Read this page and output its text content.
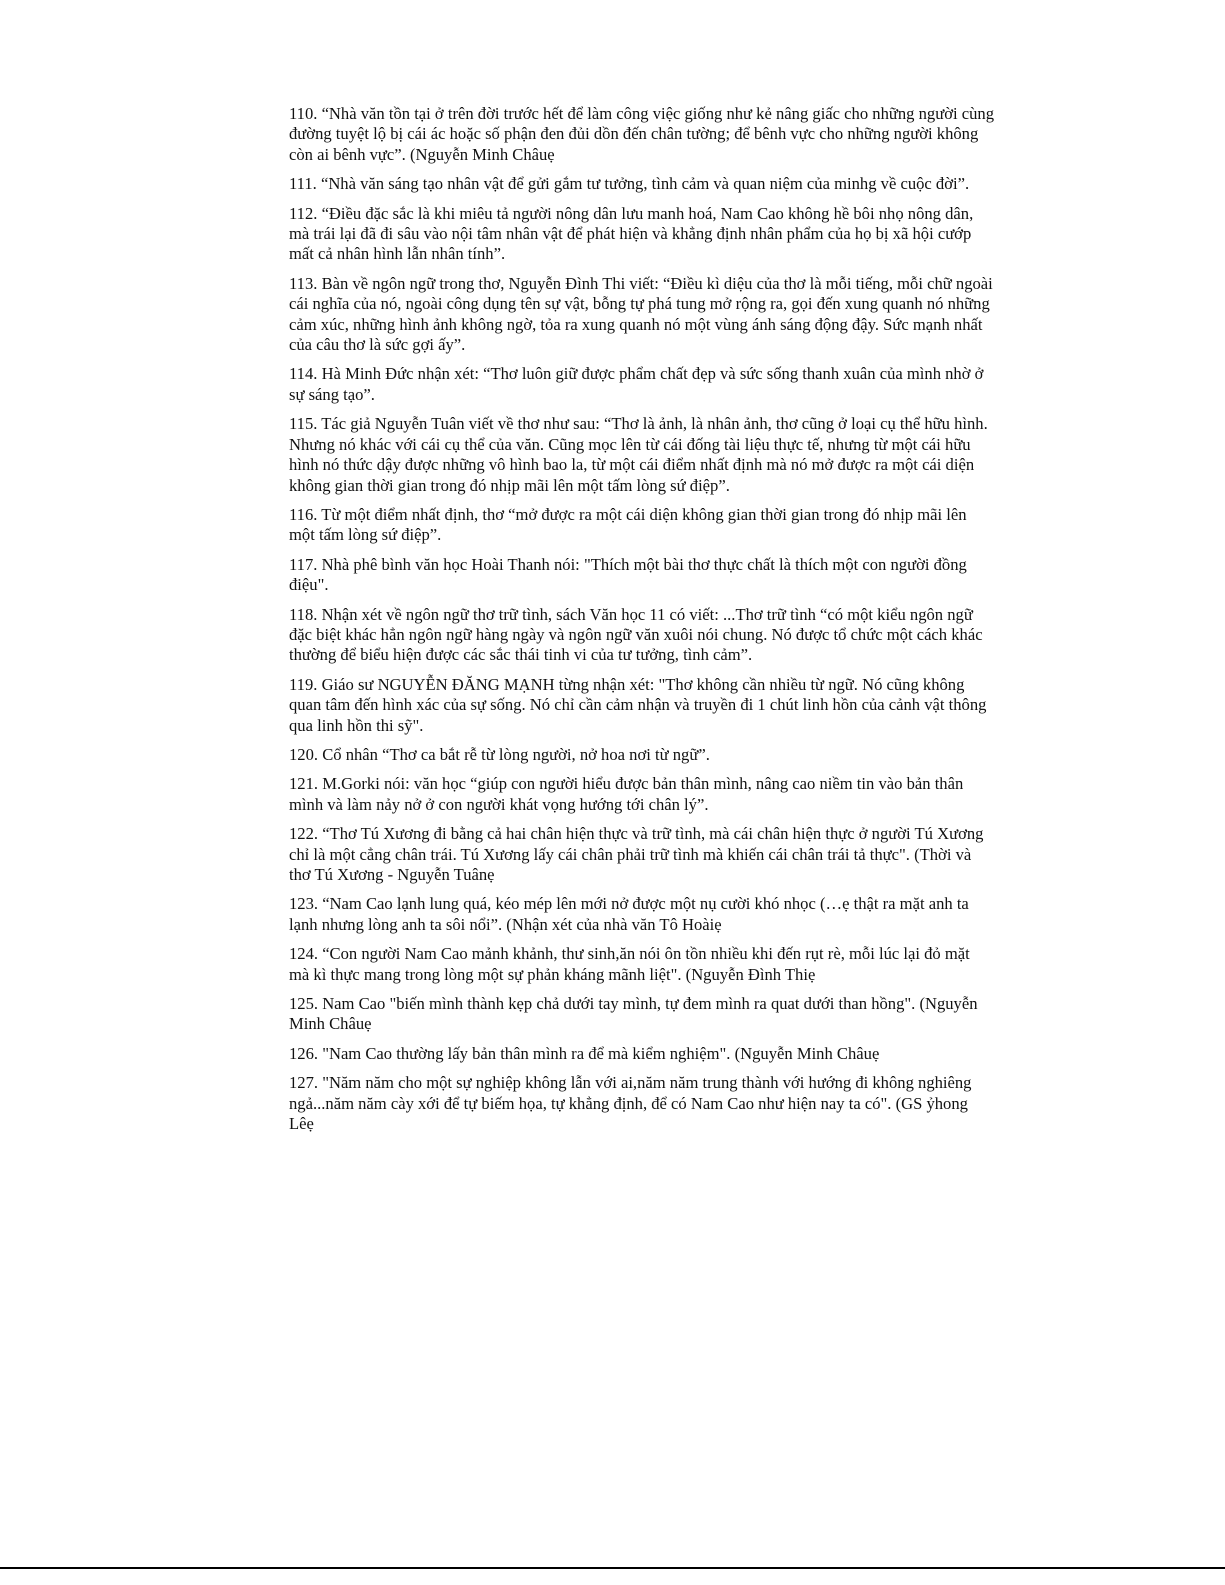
110. “Nhà văn tồn tại ở trên đời trước hết để làm công việc giống như kẻ nâng giấc cho những người cùng đường tuyệt lộ bị cái ác hoặc số phận đen đủi dồn đến chân tường; để bênh vực cho những người không còn ai bênh vực”. (Nguyễn Minh Châuẹ

111. “Nhà văn sáng tạo nhân vật để gửi gắm tư tưởng, tình cảm và quan niệm của minhg về cuộc đời”.

112. “Điều đặc sắc là khi miêu tả người nông dân lưu manh hoá, Nam Cao không hề bôi nhọ nông dân, mà trái lại đã đi sâu vào nội tâm nhân vật để phát hiện và khẳng định nhân phẩm của họ bị xã hội cướp mất cả nhân hình lẫn nhân tính”.

113. Bàn về ngôn ngữ trong thơ, Nguyễn Đình Thi viết: “Điều kì diệu của thơ là mỗi tiếng, mỗi chữ ngoài cái nghĩa của nó, ngoài công dụng tên sự vật, bỗng tự phá tung mở rộng ra, gọi đến xung quanh nó những cảm xúc, những hình ảnh không ngờ, tỏa ra xung quanh nó một vùng ánh sáng động đậy. Sức mạnh nhất của câu thơ là sức gợi ấy”.

114. Hà Minh Đức nhận xét: “Thơ luôn giữ được phẩm chất đẹp và sức sống thanh xuân của mình nhờ ở sự sáng tạo”.

115. Tác giả Nguyễn Tuân viết về thơ như sau: “Thơ là ảnh, là nhân ảnh, thơ cũng ở loại cụ thể hữu hình. Nhưng nó khác với cái cụ thể của văn. Cũng mọc lên từ cái đống tài liệu thực tế, nhưng từ một cái hữu hình nó thức dậy được những vô hình bao la, từ một cái điểm nhất định mà nó mở được ra một cái diện không gian thời gian trong đó nhịp mãi lên một tấm lòng sứ điệp”.

116. Từ một điểm nhất định, thơ “mở được ra một cái diện không gian thời gian trong đó nhịp mãi lên một tấm lòng sứ điệp”.

117. Nhà phê bình văn học Hoài Thanh nói: "Thích một bài thơ thực chất là thích một con người đồng điệu".

118. Nhận xét về ngôn ngữ thơ trữ tình, sách Văn học 11 có viết: ...Thơ trữ tình “có một kiểu ngôn ngữ đặc biệt khác hẳn ngôn ngữ hàng ngày và ngôn ngữ văn xuôi nói chung. Nó được tổ chức một cách khác thường để biểu hiện được các sắc thái tinh vi của tư tưởng, tình cảm”.

119. Giáo sư NGUYỄN ĐĂNG MẠNH từng nhận xét: "Thơ không cần nhiều từ ngữ. Nó cũng không quan tâm đến hình xác của sự sống. Nó chỉ cần cảm nhận và truyền đi 1 chút linh hồn của cảnh vật thông qua linh hồn thi sỹ".

120. Cổ nhân “Thơ ca bắt rễ từ lòng người, nở hoa nơi từ ngữ”.

121. M.Gorki nói: văn học “giúp con người hiểu được bản thân mình, nâng cao niềm tin vào bản thân mình và làm nảy nở ở con người khát vọng hướng tới chân lý”.

122. “Thơ Tú Xương đi bằng cả hai chân hiện thực và trữ tình, mà cái chân hiện thực ở người Tú Xương chỉ là một cẳng chân trái. Tú Xương lấy cái chân phải trữ tình mà khiến cái chân trái tả thực". (Thời và thơ Tú Xương - Nguyễn Tuânẹ

123. “Nam Cao lạnh lung quá, kéo mép lên mới nở được một nụ cười khó nhọc (…ẹ thật ra mặt anh ta lạnh nhưng lòng anh ta sôi nổi”. (Nhận xét của nhà văn Tô Hoàiẹ

124. “Con người Nam Cao mảnh khảnh, thư sinh,ăn nói ôn tồn nhiều khi đến rụt rè, mỗi lúc lại đỏ mặt mà kì thực mang trong lòng một sự phản kháng mãnh liệt". (Nguyễn Đình Thiẹ

125. Nam Cao "biến mình thành kẹp chả dưới tay mình, tự đem mình ra quat dưới than hồng". (Nguyễn Minh Châuẹ

126. "Nam Cao thường lấy bản thân mình ra để mà kiểm nghiệm". (Nguyễn Minh Châuẹ

127. "Năm năm cho một sự nghiệp không lẫn với ai,năm năm trung thành với hướng đi không nghiêng ngả...năm năm cày xới để tự biếm họa, tự khẳng định, để có Nam Cao như hiện nay ta có". (GS ỷhong Lêẹ
